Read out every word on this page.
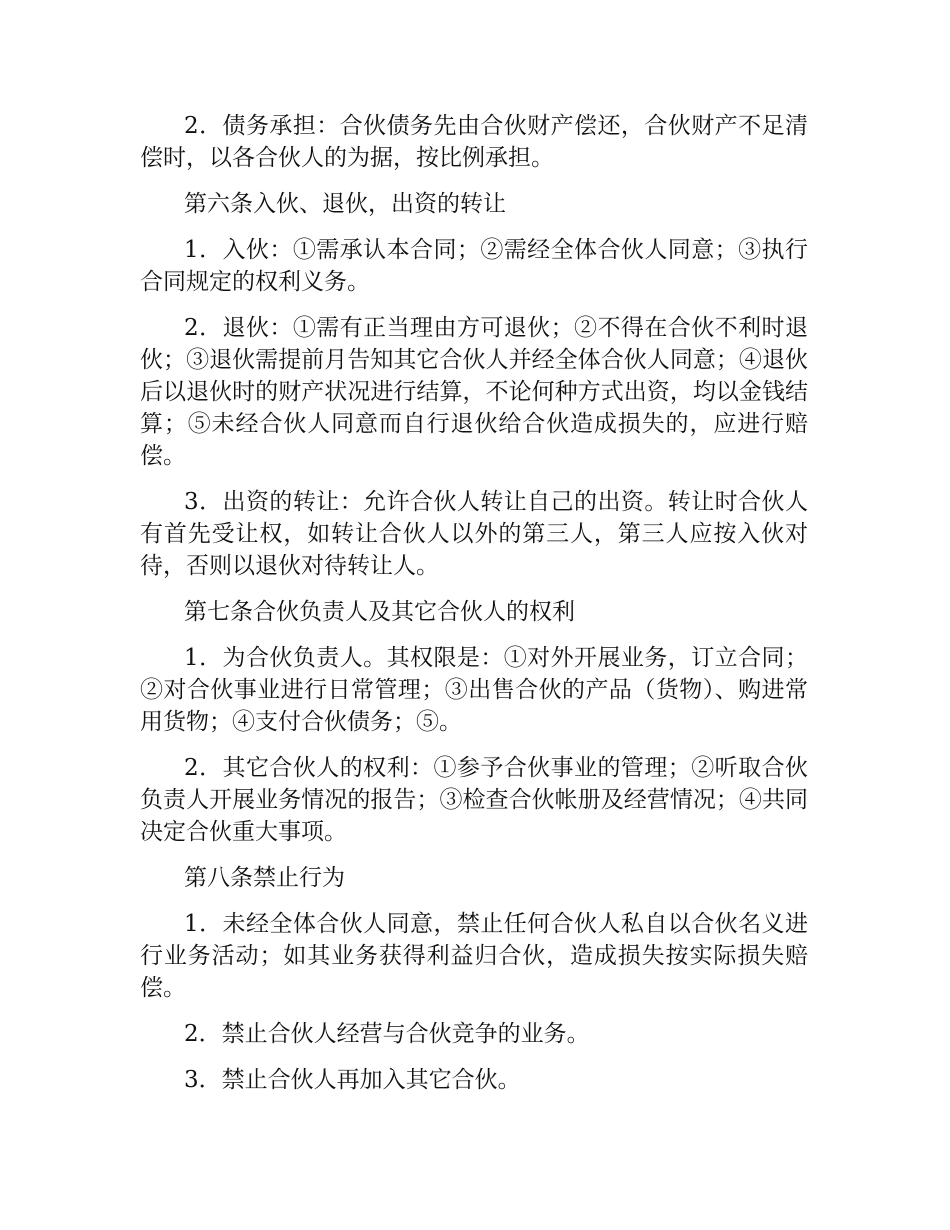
2．债务承担：合伙债务先由合伙财产偿还，合伙财产不足清偿时，以各合伙人的为据，按比例承担。

第六条入伙、退伙，出资的转让

1．入伙：①需承认本合同；②需经全体合伙人同意；③执行合同规定的权利义务。

2．退伙：①需有正当理由方可退伙；②不得在合伙不利时退伙；③退伙需提前月告知其它合伙人并经全体合伙人同意；④退伙后以退伙时的财产状况进行结算，不论何种方式出资，均以金钱结算；⑤未经合伙人同意而自行退伙给合伙造成损失的，应进行赔偿。

3．出资的转让：允许合伙人转让自己的出资。转让时合伙人有首先受让权，如转让合伙人以外的第三人，第三人应按入伙对待，否则以退伙对待转让人。

第七条合伙负责人及其它合伙人的权利

1．为合伙负责人。其权限是：①对外开展业务，订立合同；②对合伙事业进行日常管理；③出售合伙的产品（货物）、购进常用货物；④支付合伙债务；⑤。

2．其它合伙人的权利：①参予合伙事业的管理；②听取合伙负责人开展业务情况的报告；③检查合伙帐册及经营情况；④共同决定合伙重大事项。

第八条禁止行为

1．未经全体合伙人同意，禁止任何合伙人私自以合伙名义进行业务活动；如其业务获得利益归合伙，造成损失按实际损失赔偿。

2．禁止合伙人经营与合伙竞争的业务。

3．禁止合伙人再加入其它合伙。
